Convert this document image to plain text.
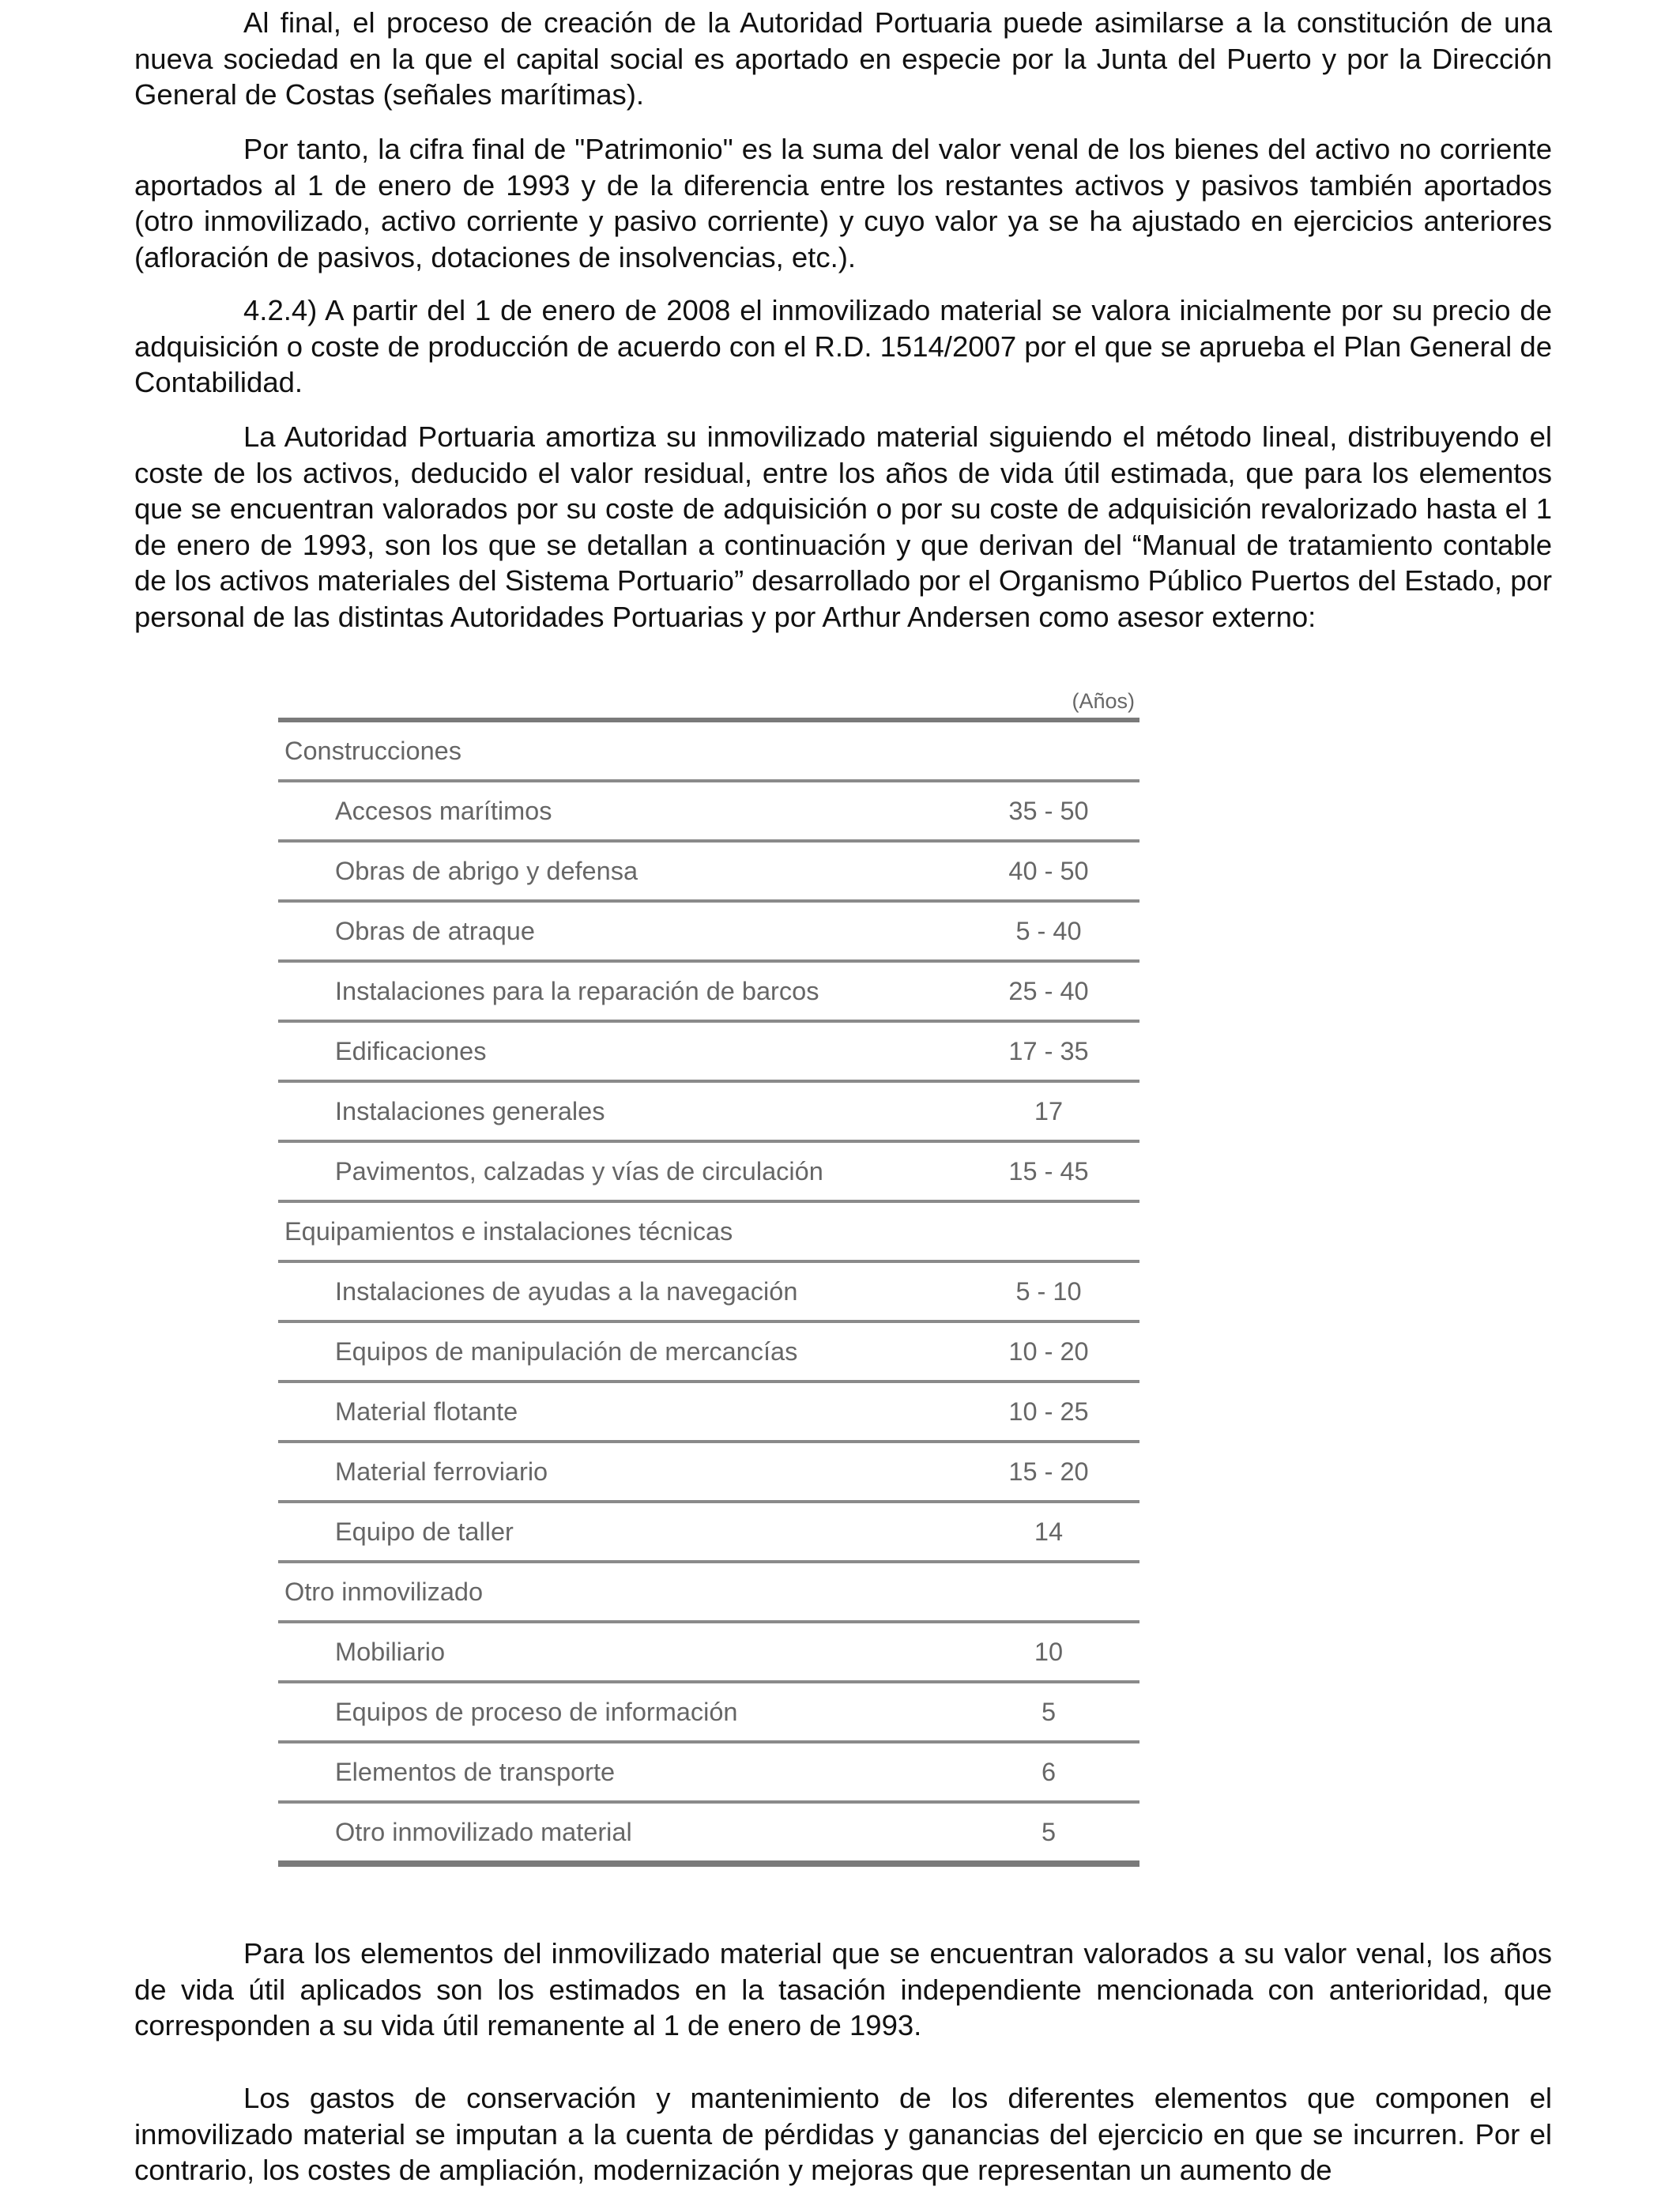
Al final, el proceso de creación de la Autoridad Portuaria puede asimilarse a la constitución de una nueva sociedad en la que el capital social es aportado en especie por la Junta del Puerto y por la Dirección General de Costas (señales marítimas).

Por tanto, la cifra final de "Patrimonio" es la suma del valor venal de los bienes del activo no corriente aportados al 1 de enero de 1993 y de la diferencia entre los restantes activos y pasivos también aportados (otro inmovilizado, activo corriente y pasivo corriente) y cuyo valor ya se ha ajustado en ejercicios anteriores (afloración de pasivos, dotaciones de insolvencias, etc.).

4.2.4) A partir del 1 de enero de 2008 el inmovilizado material se valora inicialmente por su precio de adquisición o coste de producción de acuerdo con el R.D. 1514/2007 por el que se aprueba el Plan General de Contabilidad.

La Autoridad Portuaria amortiza su inmovilizado material siguiendo el método lineal, distribuyendo el coste de los activos, deducido el valor residual, entre los años de vida útil estimada, que para los elementos que se encuentran valorados por su coste de adquisición o por su coste de adquisición revalorizado hasta el 1 de enero de 1993, son los que se detallan a continuación y que derivan del “Manual de tratamiento contable de los activos materiales del Sistema Portuario” desarrollado por el Organismo Público Puertos del Estado, por personal de las distintas Autoridades Portuarias y por Arthur Andersen como asesor externo:

Para los elementos del inmovilizado material que se encuentran valorados a su valor venal, los años de vida útil aplicados son los estimados en la tasación independiente mencionada con anterioridad, que corresponden a su vida útil remanente al 1 de enero de 1993.

Los gastos de conservación y mantenimiento de los diferentes elementos que componen el inmovilizado material se imputan a la cuenta de pérdidas y ganancias del ejercicio en que se incurren. Por el contrario, los costes de ampliación, modernización y mejoras que representan un aumento de

(Años)
Construcciones
Accesos marítimos	35 - 50
Obras de abrigo y defensa	40 - 50
Obras de atraque	5 - 40
Instalaciones para la reparación de barcos	25 - 40
Edificaciones	17 - 35
Instalaciones generales	17
Pavimentos, calzadas y vías de circulación	15 - 45
Equipamientos e instalaciones técnicas
Instalaciones de ayudas a la navegación	5 - 10
Equipos de manipulación de mercancías	10 - 20
Material flotante	10 - 25
Material ferroviario	15 - 20
Equipo de taller	14
Otro inmovilizado
Mobiliario	10
Equipos de proceso de información	5
Elementos de transporte	6
Otro inmovilizado material	5
